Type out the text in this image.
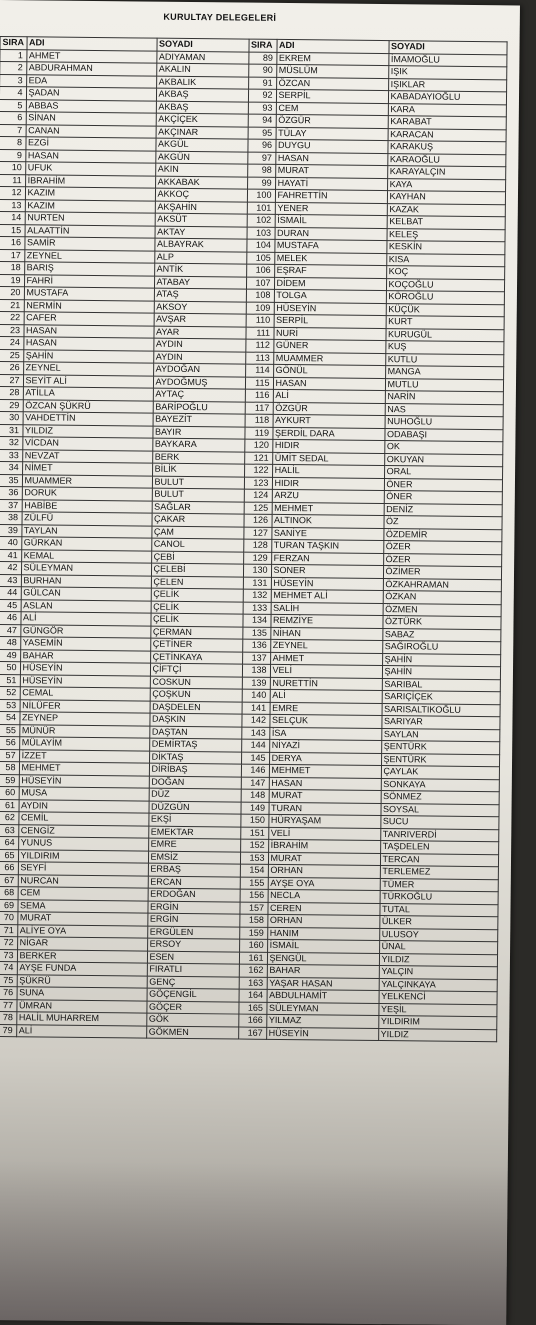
KURULTAY DELEGELERİ
SIRA	ADI	SOYADI	SIRA	ADI	SOYADI
1	AHMET	ADIYAMAN	89	EKREM	İMAMOĞLU
2	ABDURAHMAN	AKALIN	90	MÜSLÜM	IŞIK
3	EDA	AKBALIK	91	ÖZCAN	IŞIKLAR
4	ŞADAN	AKBAŞ	92	SERPİL	KABADAYIOĞLU
5	ABBAS	AKBAŞ	93	CEM	KARA
6	SİNAN	AKÇİÇEK	94	ÖZGÜR	KARABAT
7	CANAN	AKÇINAR	95	TÜLAY	KARACAN
8	EZGİ	AKGÜL	96	DUYGU	KARAKUŞ
9	HASAN	AKGÜN	97	HASAN	KARAOĞLU
10	UFUK	AKIN	98	MURAT	KARAYALÇIN
11	İBRAHİM	AKKABAK	99	HAYATİ	KAYA
12	KAZIM	AKKOÇ	100	FAHRETTİN	KAYHAN
13	KAZIM	AKŞAHİN	101	YENER	KAZAK
14	NURTEN	AKSÜT	102	İSMAİL	KELBAT
15	ALAATTİN	AKTAY	103	DURAN	KELEŞ
16	SAMİR	ALBAYRAK	104	MUSTAFA	KESKİN
17	ZEYNEL	ALP	105	MELEK	KISA
18	BARIŞ	ANTİK	106	EŞRAF	KOÇ
19	FAHRİ	ATABAY	107	DİDEM	KOÇOĞLU
20	MUSTAFA	ATAŞ	108	TOLGA	KÖROĞLU
21	NERMİN	AKSOY	109	HÜSEYİN	KÜÇÜK
22	CAFER	AVŞAR	110	SERPİL	KURT
23	HASAN	AYAR	111	NURİ	KURUGÜL
24	HASAN	AYDIN	112	GÜNER	KUŞ
25	ŞAHİN	AYDIN	113	MUAMMER	KUTLU
26	ZEYNEL	AYDOĞAN	114	GÖNÜL	MANGA
27	SEYİT ALİ	AYDOĞMUŞ	115	HASAN	MUTLU
28	ATİLLA	AYTAÇ	116	ALİ	NARİN
29	ÖZCAN ŞÜKRÜ	BARİPOĞLU	117	ÖZGÜR	NAS
30	VAHDETTİN	BAYEZİT	118	AYKURT	NUHOĞLU
31	YILDIZ	BAYIR	119	ŞERDİL DARA	ODABAŞI
32	VİCDAN	BAYKARA	120	HIDIR	OK
33	NEVZAT	BERK	121	ÜMİT SEDAL	OKUYAN
34	NİMET	BİLİK	122	HALİL	ORAL
35	MUAMMER	BULUT	123	HIDIR	ÖNER
36	DORUK	BULUT	124	ARZU	ÖNER
37	HABİBE	SAĞLAR	125	MEHMET	DENİZ
38	ZÜLFÜ	ÇAKAR	126	ALTINOK	ÖZ
39	TAYLAN	ÇAM	127	SANİYE	ÖZDEMİR
40	GÜRKAN	CANOL	128	TURAN TAŞKIN	ÖZER
41	KEMAL	ÇEBİ	129	FERZAN	ÖZER
42	SÜLEYMAN	ÇELEBİ	130	SONER	ÖZİMER
43	BURHAN	ÇELEN	131	HÜSEYİN	ÖZKAHRAMAN
44	GÜLCAN	ÇELİK	132	MEHMET ALİ	ÖZKAN
45	ASLAN	ÇELİK	133	SALİH	ÖZMEN
46	ALİ	ÇELİK	134	REMZİYE	ÖZTÜRK
47	GÜNGÖR	ÇERMAN	135	NİHAN	SABAZ
48	YASEMİN	ÇETİNER	136	ZEYNEL	SAĞIROĞLU
49	BAHAR	ÇETİNKAYA	137	AHMET	ŞAHİN
50	HÜSEYİN	ÇİFTÇİ	138	VELİ	ŞAHİN
51	HÜSEYİN	COSKUN	139	NURETTİN	SARIBAL
52	CEMAL	ÇOŞKUN	140	ALİ	SARIÇİÇEK
53	NİLÜFER	DAŞDELEN	141	EMRE	SARISALTIKOĞLU
54	ZEYNEP	DAŞKIN	142	SELÇUK	SARIYAR
55	MÜNÜR	DAŞTAN	143	İSA	SAYLAN
56	MÜLAYİM	DEMİRTAŞ	144	NİYAZİ	ŞENTÜRK
57	İZZET	DİKTAŞ	145	DERYA	ŞENTÜRK
58	MEHMET	DİRİBAŞ	146	MEHMET	ÇAYLAK
59	HÜSEYİN	DOĞAN	147	HASAN	SONKAYA
60	MUSA	DÜZ	148	MURAT	SÖNMEZ
61	AYDIN	DÜZGÜN	149	TURAN	SOYSAL
62	CEMİL	EKŞİ	150	HÜRYAŞAM	SUCU
63	CENGİZ	EMEKTAR	151	VELİ	TANRIVERDİ
64	YUNUS	EMRE	152	İBRAHİM	TAŞDELEN
65	YILDIRIM	EMSİZ	153	MURAT	TERCAN
66	SEYFİ	ERBAŞ	154	ORHAN	TERLEMEZ
67	NURCAN	ERCAN	155	AYŞE OYA	TÜMER
68	CEM	ERDOĞAN	156	NECLA	TÜRKOĞLU
69	SEMA	ERGİN	157	CEREN	TUTAL
70	MURAT	ERGİN	158	ORHAN	ÜLKER
71	ALİYE OYA	ERGÜLEN	159	HANIM	ULUSOY
72	NİGAR	ERSOY	160	İSMAİL	ÜNAL
73	BERKER	ESEN	161	ŞENGÜL	YILDIZ
74	AYŞE FUNDA	FIRATLI	162	BAHAR	YALÇIN
75	ŞÜKRÜ	GENÇ	163	YAŞAR HASAN	YALÇINKAYA
76	SUNA	GÖÇENGİL	164	ABDULHAMİT	YELKENCİ
77	ÜMRAN	GÖÇER	165	SÜLEYMAN	YEŞİL
78	HALİL MUHARREM	GÖK	166	YILMAZ	YILDIRIM
79	ALİ	GÖKMEN	167	HÜSEYİN	YILDIZ
